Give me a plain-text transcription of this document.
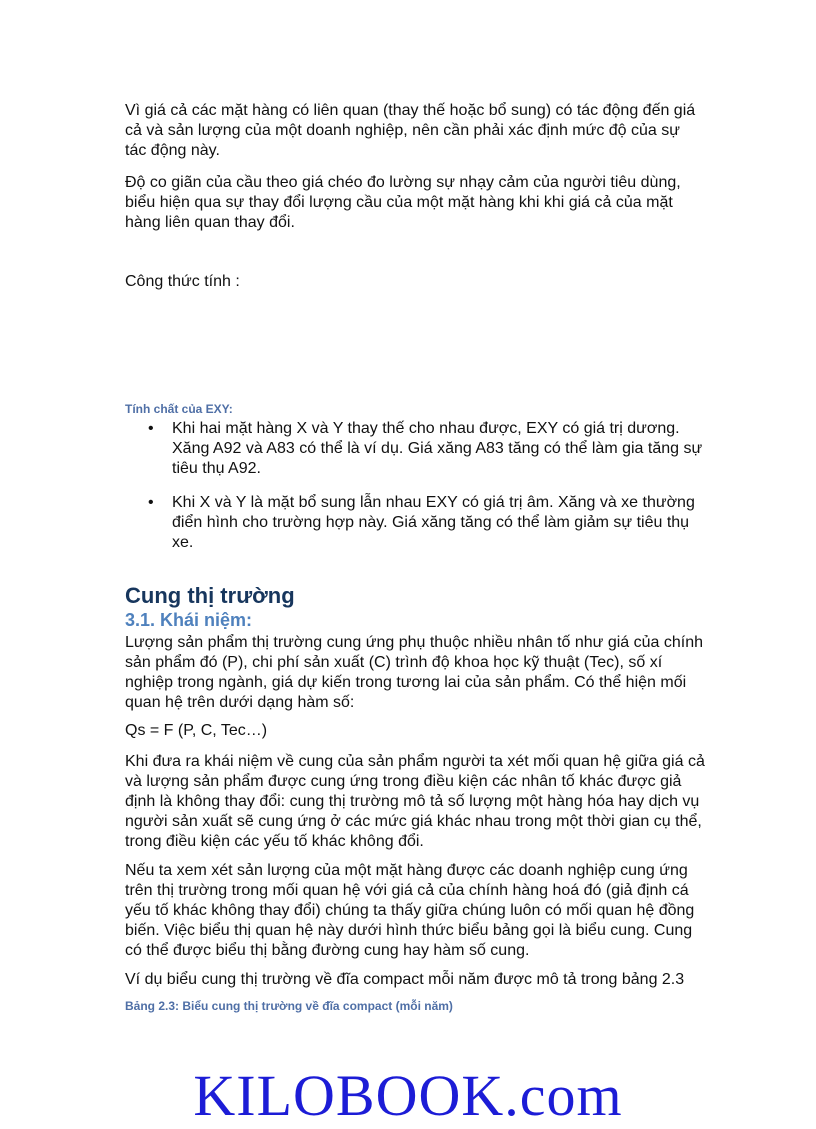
Vì giá cả các mặt hàng có liên quan (thay thế hoặc bổ sung) có tác động đến giá cả và sản lượng của một doanh nghiệp, nên cần phải xác định mức độ của sự tác động này.

Độ co giãn của cầu theo giá chéo đo lường sự nhạy cảm của người tiêu dùng, biểu hiện qua sự thay đổi lượng cầu của một mặt hàng khi khi giá cả của mặt hàng liên quan thay đổi.

Công thức tính :

Tính chất của EXY:

• Khi hai mặt hàng X và Y thay thế cho nhau được, EXY có giá trị dương. Xăng A92 và A83 có thể là ví dụ. Giá xăng A83 tăng có thể làm gia tăng sự tiêu thụ A92.
• Khi X và Y là mặt bổ sung lẫn nhau EXY có giá trị âm. Xăng và xe thường điển hình cho trường hợp này. Giá xăng tăng có thể làm giảm sự tiêu thụ xe.
Cung thị trường
3.1. Khái niệm:

Lượng sản phẩm thị trường cung ứng phụ thuộc nhiều nhân tố như giá của chính sản phẩm đó (P), chi phí sản xuất (C) trình độ khoa học kỹ thuật (Tec), số xí nghiệp trong ngành, giá dự kiến trong tương lai của sản phẩm. Có thể hiện mối quan hệ trên dưới dạng hàm số:

Qs = F (P, C, Tec…)

Khi đưa ra khái niệm về cung của sản phẩm người ta xét mối quan hệ giữa giá cả và lượng sản phẩm được cung ứng trong điều kiện các nhân tố khác được giả định là không thay đổi: cung thị trường mô tả số lượng một hàng hóa hay dịch vụ người sản xuất sẽ cung ứng ở các mức giá khác nhau trong một thời gian cụ thể, trong điều kiện các yếu tố khác không đổi.

Nếu ta xem xét sản lượng của một mặt hàng được các doanh nghiệp cung ứng trên thị trường trong mối quan hệ với giá cả của chính hàng hoá đó (giả định cá yếu tố khác không thay đổi) chúng ta thấy giữa chúng luôn có mối quan hệ đồng biến. Việc biểu thị quan hệ này dưới hình thức biểu bảng gọi là biểu cung. Cung có thể được biểu thị bằng đường cung hay hàm số cung.

Ví dụ biểu cung thị trường về đĩa compact mỗi năm được mô tả trong bảng 2.3

Bảng 2.3: Biểu cung thị trường về đĩa compact (mỗi năm)

KILOBOOK.com
